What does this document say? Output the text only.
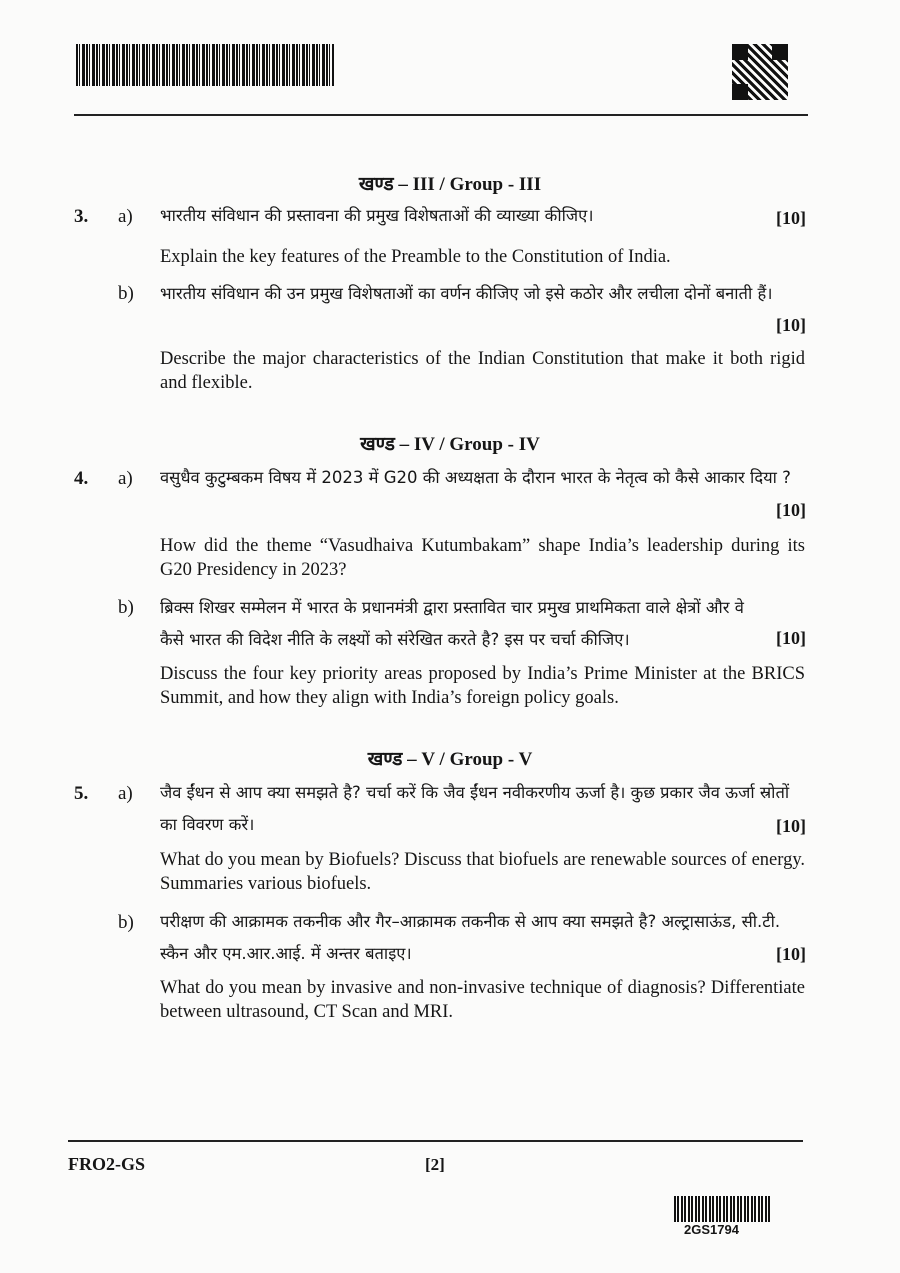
खण्ड – III / Group - III
3. a) भारतीय संविधान की प्रस्तावना की प्रमुख विशेषताओं की व्याख्या कीजिए।	[10]
Explain the key features of the Preamble to the Constitution of India.
b) भारतीय संविधान की उन प्रमुख विशेषताओं का वर्णन कीजिए जो इसे कठोर और लचीला दोनों बनाती हैं।
[10]
Describe the major characteristics of the Indian Constitution that make it both rigid and flexible.
खण्ड – IV / Group - IV
4. a) वसुधैव कुटुम्बकम विषय में 2023 में G20 की अध्यक्षता के दौरान भारत के नेतृत्व को कैसे आकार दिया ?
[10]
How did the theme “Vasudhaiva Kutumbakam” shape India’s leadership during its G20 Presidency in 2023?
b) ब्रिक्स शिखर सम्मेलन में भारत के प्रधानमंत्री द्वारा प्रस्तावित चार प्रमुख प्राथमिकता वाले क्षेत्रों और वे कैसे भारत की विदेश नीति के लक्ष्यों को संरेखित करते है? इस पर चर्चा कीजिए।	[10]
Discuss the four key priority areas proposed by India’s Prime Minister at the BRICS Summit, and how they align with India’s foreign policy goals.
खण्ड – V / Group - V
5. a) जैव ईंधन से आप क्या समझते है? चर्चा करें कि जैव ईंधन नवीकरणीय ऊर्जा है। कुछ प्रकार जैव ऊर्जा स्रोतों का विवरण करें।	[10]
What do you mean by Biofuels? Discuss that biofuels are renewable sources of energy. Summaries various biofuels.
b) परीक्षण की आक्रामक तकनीक और गैर–आक्रामक तकनीक से आप क्या समझते है? अल्ट्रासाऊंड, सी.टी. स्कैन और एम.आर.आई. में अन्तर बताइए।	[10]
What do you mean by invasive and non-invasive technique of diagnosis? Differentiate between ultrasound, CT Scan and MRI.
FRO2-GS	[2]
2GS1794
